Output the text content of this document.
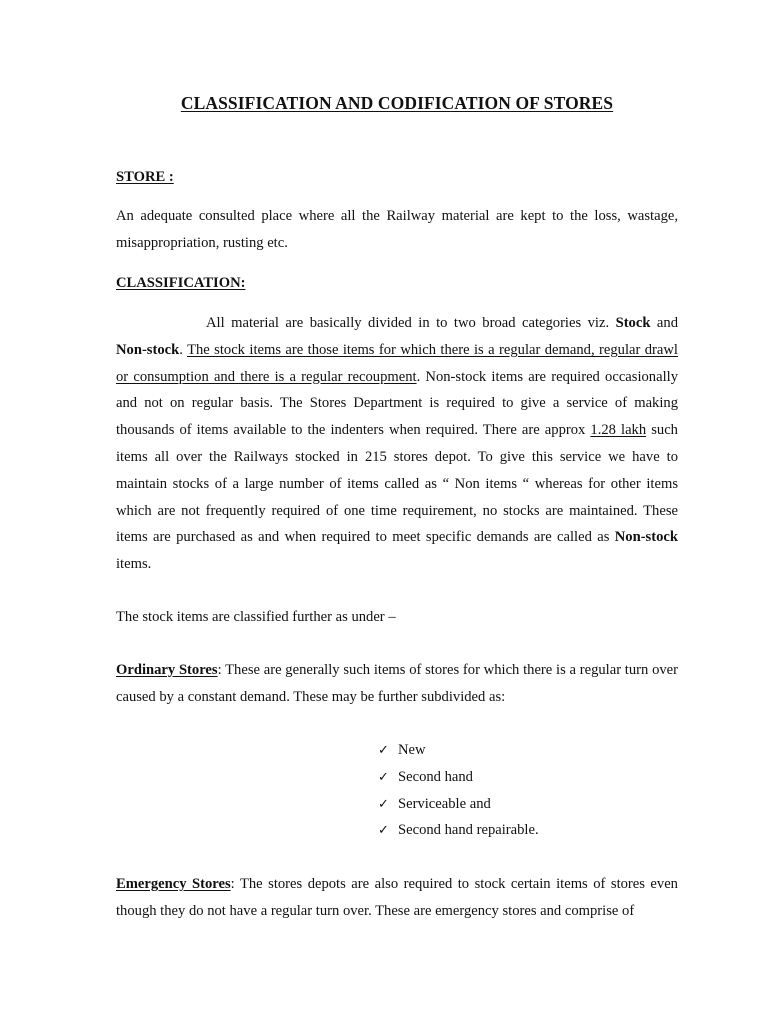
CLASSIFICATION AND CODIFICATION OF STORES
STORE :
An adequate consulted place where all the Railway material are kept to the loss, wastage, misappropriation, rusting etc.
CLASSIFICATION:
All material are basically divided in to two broad categories viz. Stock and Non-stock. The stock items are those items for which there is a regular demand, regular drawl or consumption and there is a regular recoupment. Non-stock items are required occasionally and not on regular basis. The Stores Department is required to give a service of making thousands of items available to the indenters when required. There are approx 1.28 lakh such items all over the Railways stocked in 215 stores depot. To give this service we have to maintain stocks of a large number of items called as “ Non items “ whereas for other items which are not frequently required of one time requirement, no stocks are maintained. These items are purchased as and when required to meet specific demands are called as Non-stock items.
The stock items are classified further as under –
Ordinary Stores: These are generally such items of stores for which there is a regular turn over caused by a constant demand. These may be further subdivided as:
✓ New
✓ Second hand
✓ Serviceable and
✓ Second hand repairable.
Emergency Stores: The stores depots are also required to stock certain items of stores even though they do not have a regular turn over. These are emergency stores and comprise of
